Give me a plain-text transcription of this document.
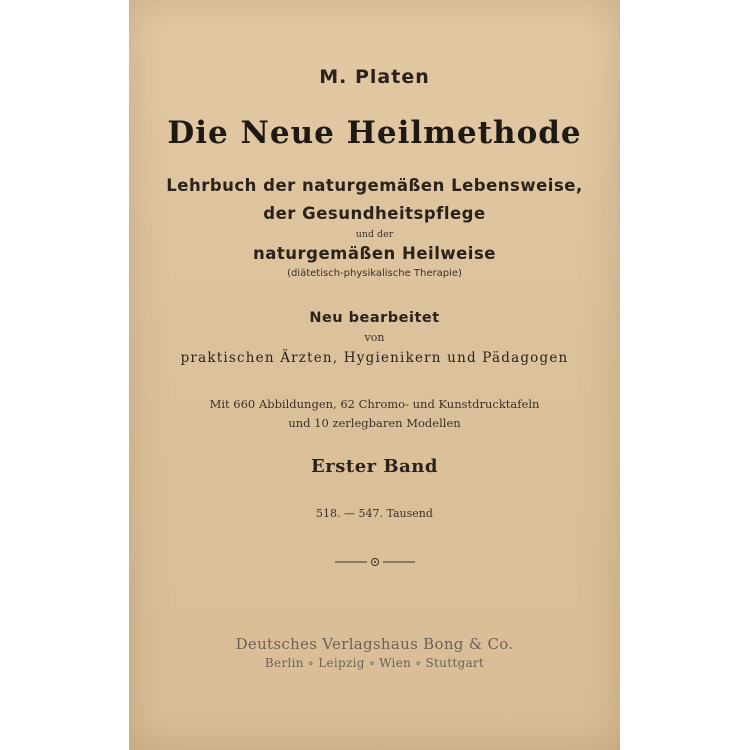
M. Platen
Die Neue Heilmethode
Lehrbuch der naturgemäßen Lebensweise,
der Gesundheitspflege
und der
naturgemäßen Heilweise
(diätetisch-physikalische Therapie)
Neu bearbeitet
von
praktischen Ärzten, Hygienikern und Pädagogen
Mit 660 Abbildungen, 62 Chromo- und Kunstdrucktafeln
und 10 zerlegbaren Modellen
Erster Band
518. — 547. Tausend
Deutsches Verlagshaus Bong & Co.
Berlin ∘ Leipzig ∘ Wien ∘ Stuttgart
